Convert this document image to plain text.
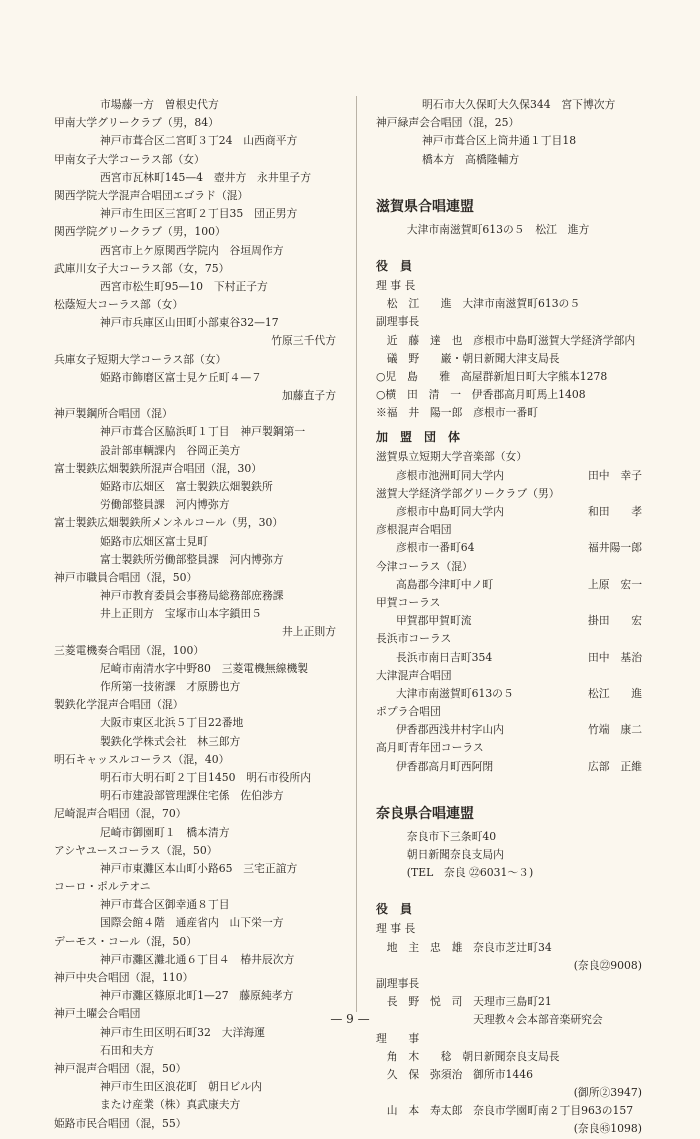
市場藤一方　曽根史代方
甲南大学グリークラブ（男，84）
神戸市葺合区二宮町３丁24　山西商平方
甲南女子大学コーラス部（女）
西宮市瓦林町145—4　壺井方　永井里子方
関西学院大学混声合唱団エゴラド（混）
神戸市生田区三宮町２丁目35　団正男方
関西学院グリークラブ（男，100）
西宮市上ケ原関西学院内　谷垣周作方
武庫川女子大コーラス部（女，75）
西宮市松生町95—10　下村正子方
松蔭短大コーラス部（女）
神戸市兵庫区山田町小部東谷32—17
竹原三千代方
兵庫女子短期大学コーラス部（女）
姫路市飾磨区富士見ケ丘町４—７
加藤直子方
神戸製鋼所合唱団（混）
神戸市葺合区脇浜町１丁目　神戸製鋼第一
設計部車輌課内　谷岡正美方
富士製鉄広畑製鉄所混声合唱団（混，30）
姫路市広畑区　富士製鉄広畑製鉄所
労働部整員課　河内博弥方
富士製鉄広畑製鉄所メンネルコール（男，30）
姫路市広畑区富士見町
富士製鉄所労働部整員課　河内博弥方
神戸市職員合唱団（混，50）
神戸市教育委員会事務局総務部庶務課
井上正則方　宝塚市山本字鎖田５
井上正則方
三菱電機奏合唱団（混，100）
尼崎市南清水字中野80　三菱電機無線機製
作所第一技術課　才原勝也方
製鉄化学混声合唱団（混）
大阪市東区北浜５丁目22番地
製鉄化学株式会社　林三郎方
明石キャッスルコーラス（混，40）
明石市大明石町２丁目1450　明石市役所内
明石市建設部管理課住宅係　佐伯渉方
尼崎混声合唱団（混，70）
尼崎市御園町１　橋本清方
アシヤユースコーラス（混，50）
神戸市東灘区本山町小路65　三宅正誼方
コーロ・ポルテオニ
神戸市葺合区御幸通８丁目
国際会館４階　通産省内　山下栄一方
デーモス・コール（混，50）
神戸市灘区灘北通６丁目４　椿井辰次方
神戸中央合唱団（混，110）
神戸市灘区篠原北町1—27　藤原純孝方
神戸土曜会合唱団
神戸市生田区明石町32　大洋海運
石田和夫方
神戸混声合唱団（混，50）
神戸市生田区浪花町　朝日ビル内
またけ産業（株）真武康夫方
姫路市民合唱団（混，55）
明石市大久保町大久保344　宮下博次方
神戸緑声会合唱団（混，25）
神戸市葺合区上筒井通１丁目18
橋本方　高橋隆輔方
滋賀県合唱連盟
　大津市南滋賀町613の５　松江　進方
役　員
理 事 長
　松　江　　進　大津市南滋賀町613の５
副理事長
　近　藤　達　也　彦根市中島町滋賀大学経済学部内
　礒　野　　巌・朝日新聞大津支局長
○児　島　　雅　高屋群新旭日町大字熊本1278
○横　田　清　一　伊香郡高月町馬上1408
※福　井　陽一郎　彦根市一番町
加　盟　団　体
滋賀県立短期大学音楽部（女）
彦根市池洲町同大学内	田中　幸子
滋賀大学経済学部グリークラブ（男）
彦根市中島町同大学内	和田　　孝
彦根混声合唱団
彦根市一番町64	福井陽一郎
今津コーラス（混）
高島郡今津町中ノ町	上原　宏一
甲賀コーラス
甲賀郡甲賀町流	掛田　　宏
長浜市コーラス
長浜市南日吉町354	田中　基治
大津混声合唱団
大津市南滋賀町613の５	松江　　進
ポプラ合唱団
伊香郡西浅井村字山内	竹端　康二
高月町青年団コーラス
伊香郡高月町西阿閉	広部　正維
奈良県合唱連盟
　奈良市下三条町40
　朝日新聞奈良支局内
　(TEL　奈良 ㉒6031～３)
役　員
理 事 長
　地　主　忠　雄　奈良市芝辻町34
(奈良㉒9008)
副理事長
　長　野　悦　司　天理市三島町21
　　　　　　　　　天理教々会本部音楽研究会
理　　事
　角　木　　稔　朝日新聞奈良支局長
　久　保　弥須治　御所市1446
(御所②3947)
　山　本　寿太郎　奈良市学園町南２丁目963の157
(奈良㊺1098)
— 9 —
